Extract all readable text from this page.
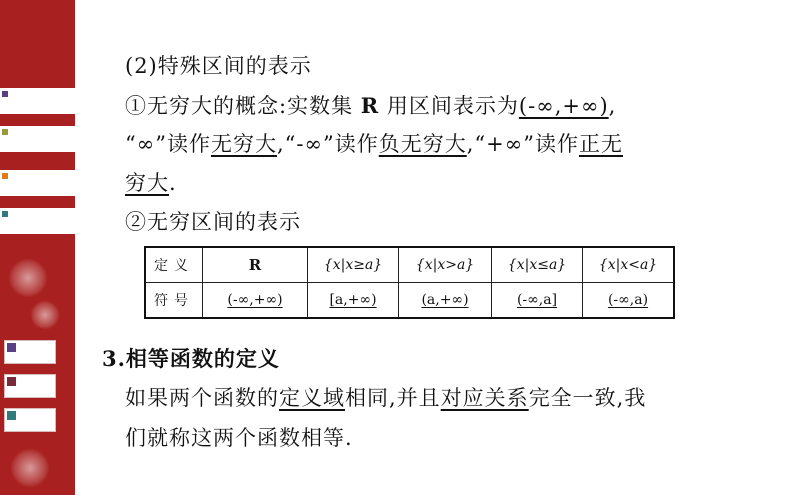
(2)特殊区间的表示
①无穷大的概念:实数集 R 用区间表示为(-∞,+∞),
“∞”读作无穷大,“-∞”读作负无穷大,“+∞”读作正无
穷大.
②无穷区间的表示
定义	R	{x|x≥a}	{x|x>a}	{x|x≤a}	{x|x<a}
符号	(-∞,+∞)	[a,+∞)	(a,+∞)	(-∞,a]	(-∞,a)
3.相等函数的定义
如果两个函数的定义域相同,并且对应关系完全一致,我
们就称这两个函数相等.
